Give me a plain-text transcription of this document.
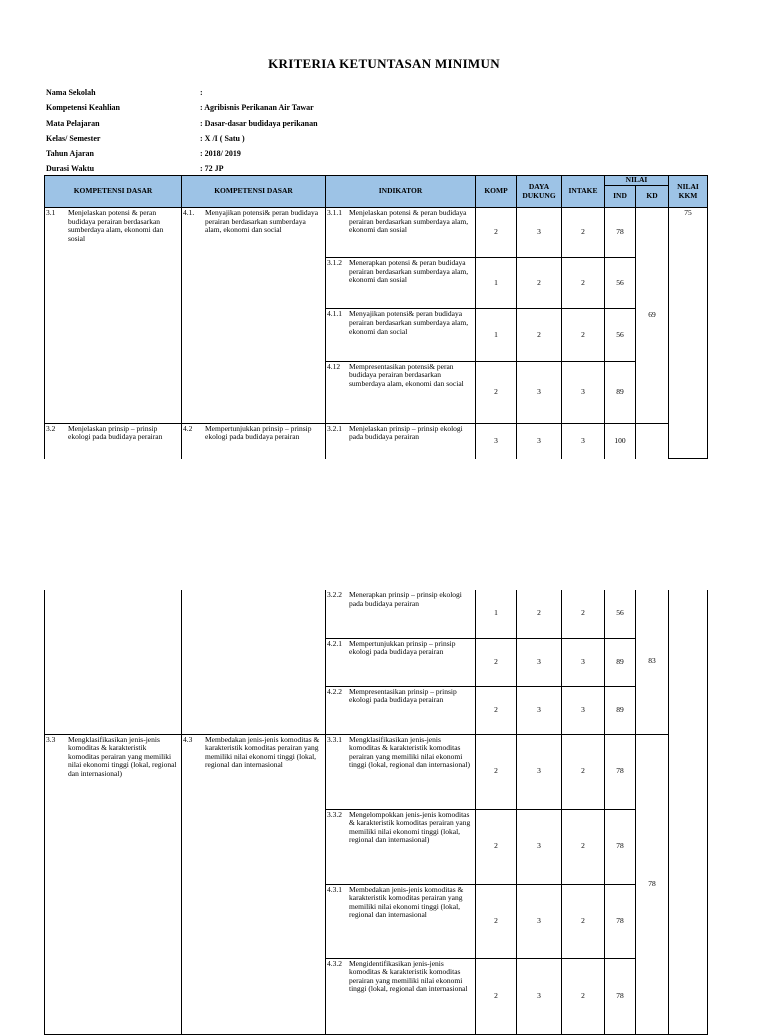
KRITERIA KETUNTASAN MINIMUN
Nama Sekolah	:
Kompetensi Keahlian	: Agribisnis Perikanan Air Tawar
Mata Pelajaran	: Dasar-dasar budidaya perikanan
Kelas/ Semester	: X /I ( Satu )
Tahun Ajaran	: 2018/ 2019
Durasi Waktu	: 72 JP
KOMPETENSI DASAR	KOMPETENSI DASAR	INDIKATOR	KOMP	DAYA DUKUNG	INTAKE	NILAI		NILAI KKM
						IND	KD	
3.1 Menjelaskan potensi & peran budidaya perairan berdasarkan sumberdaya alam, ekonomi dan sosial	4.1. Menyajikan potensi& peran budidaya perairan berdasarkan sumberdaya alam, ekonomi dan social	3.1.1 Menjelaskan potensi & peran budidaya perairan berdasarkan sumberdaya alam, ekonomi dan sosial	2	3	2	78	69	75
		3.1.2 Menerapkan potensi & peran budidaya perairan berdasarkan sumberdaya alam, ekonomi dan sosial	1	2	2	56		
		4.1.1 Menyajikan potensi& peran budidaya perairan berdasarkan sumberdaya alam, ekonomi dan social	1	2	2	56		
		4.12 Mempresentasikan potensi& peran budidaya perairan berdasarkan sumberdaya alam, ekonomi dan social	2	3	3	89		
3.2 Menjelaskan prinsip – prinsip ekologi pada budidaya perairan	4.2 Mempertunjukkan prinsip – prinsip ekologi pada budidaya perairan	3.2.1 Menjelaskan prinsip – prinsip ekologi pada budidaya perairan	3	3	3	100		
		3.2.2 Menerapkan prinsip – prinsip ekologi pada budidaya perairan	1	2	2	56	83	
		4.2.1 Mempertunjukkan prinsip – prinsip ekologi pada budidaya perairan	2	3	3	89		
		4.2.2 Mempresentasikan prinsip – prinsip ekologi pada budidaya perairan	2	3	3	89		
3.3 Mengklasifikasikan jenis-jenis komoditas & karakteristik komoditas perairan yang memiliki nilai ekonomi tinggi (lokal, regional dan internasional)	4.3 Membedakan jenis-jenis komoditas & karakteristik komoditas perairan yang memiliki nilai ekonomi tinggi (lokal, regional dan internasional	3.3.1 Mengklasifikasikan jenis-jenis komoditas & karakteristik komoditas perairan yang memiliki nilai ekonomi tinggi (lokal, regional dan internasional)	2	3	2	78	78	
		3.3.2 Mengelompokkan jenis-jenis komoditas & karakteristik komoditas perairan yang memiliki nilai ekonomi tinggi (lokal, regional dan internasional)	2	3	2	78		
		4.3.1 Membedakan jenis-jenis komoditas & karakteristik komoditas perairan yang memiliki nilai ekonomi tinggi (lokal, regional dan internasional	2	3	2	78		
		4.3.2 Mengidentifikasikan jenis-jenis komoditas & karakteristik komoditas perairan yang memiliki nilai ekonomi tinggi (lokal, regional dan internasional	2	3	2	78		
